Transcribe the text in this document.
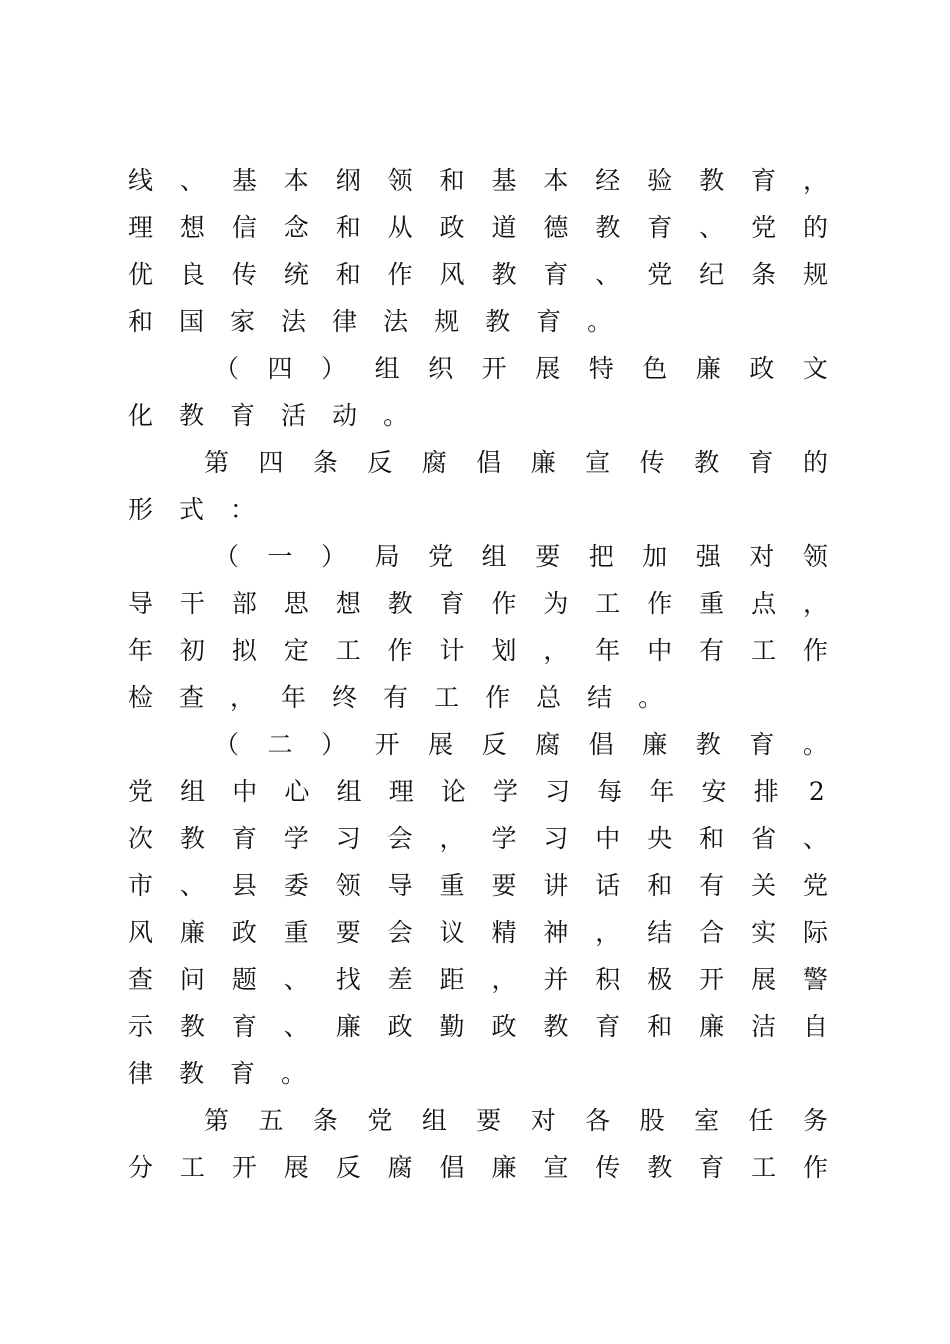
线 、 基 本 纲 领 和 基 本 经 验 教 育 ，
理 想 信 念 和 从 政 道 德 教 育 、 党 的
优 良 传 统 和 作 风 教 育 、 党 纪 条 规
和 国 家 法 律 法 规 教 育 。
（ 四 ） 组 织 开 展 特 色 廉 政 文
化 教 育 活 动 。
第 四 条 反 腐 倡 廉 宣 传 教 育 的
形 式 ：
（ 一 ） 局 党 组 要 把 加 强 对 领
导 干 部 思 想 教 育 作 为 工 作 重 点 ，
年 初 拟 定 工 作 计 划 ， 年 中 有 工 作
检 查 ， 年 终 有 工 作 总 结 。
（ 二 ） 开 展 反 腐 倡 廉 教 育 。
党 组 中 心 组 理 论 学 习 每 年 安 排 2
次 教 育 学 习 会 ， 学 习 中 央 和 省 、
市 、 县 委 领 导 重 要 讲 话 和 有 关 党
风 廉 政 重 要 会 议 精 神 ， 结 合 实 际
查 问 题 、 找 差 距 ， 并 积 极 开 展 警
示 教 育 、 廉 政 勤 政 教 育 和 廉 洁 自
律 教 育 。
第 五 条 党 组 要 对 各 股 室 任 务
分 工 开 展 反 腐 倡 廉 宣 传 教 育 工 作
